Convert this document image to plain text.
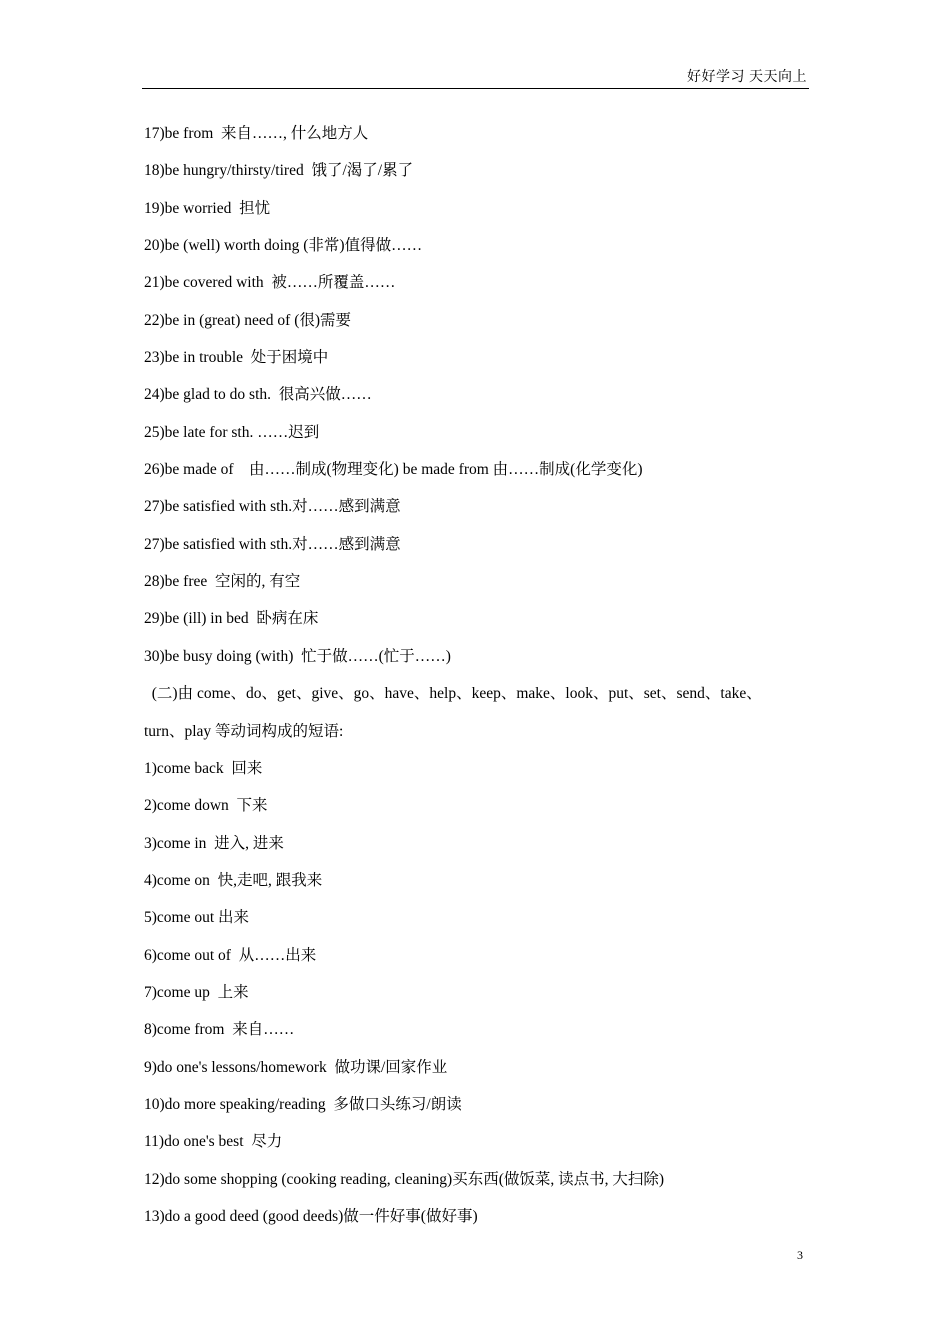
好好学习 天天向上
17)be from  来自……, 什么地方人
18)be hungry/thirsty/tired  饿了/渴了/累了
19)be worried  担忧
20)be (well) worth doing (非常)值得做……
21)be covered with  被……所覆盖……
22)be in (great) need of (很)需要
23)be in trouble  处于困境中
24)be glad to do sth.  很高兴做……
25)be late for sth. ……迟到
26)be made of    由……制成(物理变化) be made from 由……制成(化学变化)
27)be satisfied with sth.对……感到满意
27)be satisfied with sth.对……感到满意
28)be free  空闲的, 有空
29)be (ill) in bed  卧病在床
30)be busy doing (with)  忙于做……(忙于……)
(二)由 come、do、get、give、go、have、help、keep、make、look、put、set、send、take、
turn、play 等动词构成的短语:
1)come back  回来
2)come down  下来
3)come in  进入, 进来
4)come on  快,走吧, 跟我来
5)come out 出来
6)come out of  从……出来
7)come up  上来
8)come from  来自……
9)do one's lessons/homework  做功课/回家作业
10)do more speaking/reading  多做口头练习/朗读
11)do one's best  尽力
12)do some shopping (cooking reading, cleaning)买东西(做饭菜, 读点书, 大扫除)
13)do a good deed (good deeds)做一件好事(做好事)
3
